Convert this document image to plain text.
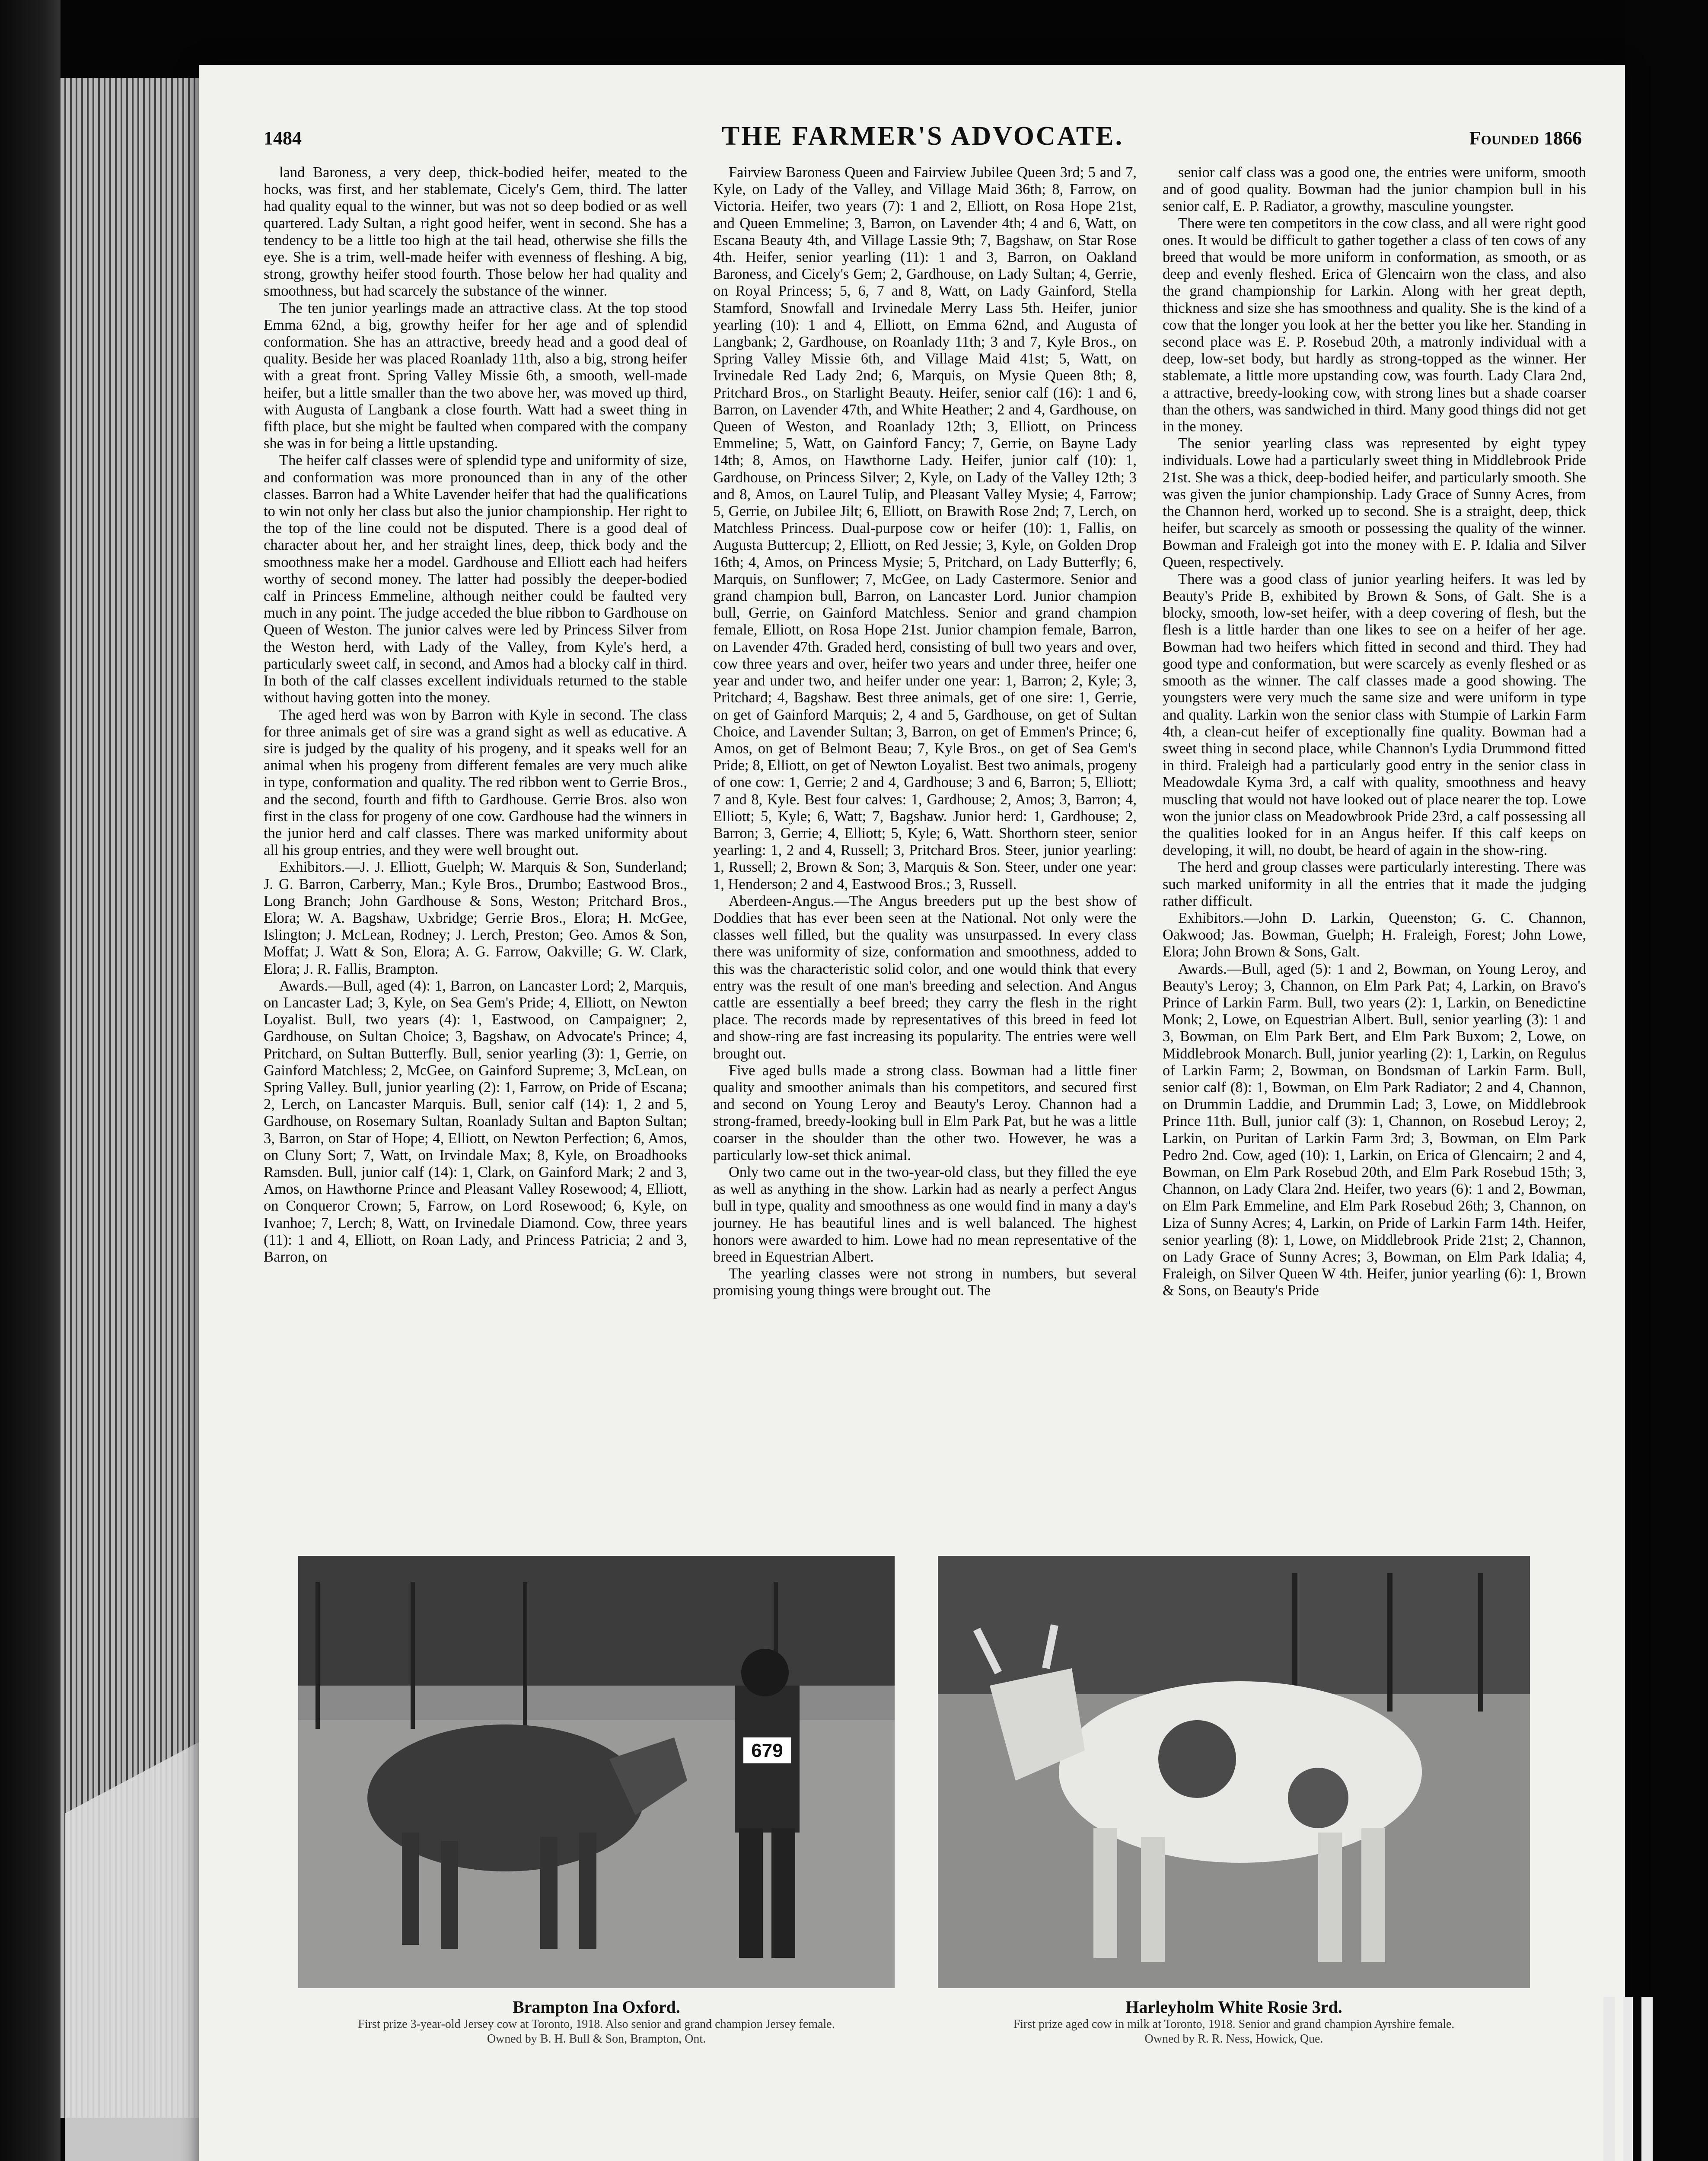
1484	THE FARMER'S ADVOCATE.	Founded 1866

land Baroness, a very deep, thick-bodied heifer, meated to the hocks, was first, and her stablemate, Cicely's Gem, third. The latter had quality equal to the winner, but was not so deep bodied or as well quartered. Lady Sultan, a right good heifer, went in second. She has a tendency to be a little too high at the tail head, otherwise she fills the eye. She is a trim, well-made heifer with evenness of fleshing. A big, strong, growthy heifer stood fourth. Those below her had quality and smoothness, but had scarcely the substance of the winner.

The ten junior yearlings made an attractive class. At the top stood Emma 62nd, a big, growthy heifer for her age and of splendid conformation. She has an attractive, breedy head and a good deal of quality. Beside her was placed Roanlady 11th, also a big, strong heifer with a great front. Spring Valley Missie 6th, a smooth, well-made heifer, but a little smaller than the two above her, was moved up third, with Augusta of Langbank a close fourth. Watt had a sweet thing in fifth place, but she might be faulted when compared with the company she was in for being a little upstanding.

The heifer calf classes were of splendid type and uniformity of size, and conformation was more pronounced than in any of the other classes. Barron had a White Lavender heifer that had the qualifications to win not only her class but also the junior championship. Her right to the top of the line could not be disputed. There is a good deal of character about her, and her straight lines, deep, thick body and the smoothness make her a model. Gardhouse and Elliott each had heifers worthy of second money. The latter had possibly the deeper-bodied calf in Princess Emmeline, although neither could be faulted very much in any point. The judge acceded the blue ribbon to Gardhouse on Queen of Weston. The junior calves were led by Princess Silver from the Weston herd, with Lady of the Valley, from Kyle's herd, a particularly sweet calf, in second, and Amos had a blocky calf in third. In both of the calf classes excellent individuals returned to the stable without having gotten into the money.

The aged herd was won by Barron with Kyle in second. The class for three animals get of sire was a grand sight as well as educative. A sire is judged by the quality of his progeny, and it speaks well for an animal when his progeny from different females are very much alike in type, conformation and quality. The red ribbon went to Gerrie Bros., and the second, fourth and fifth to Gardhouse. Gerrie Bros. also won first in the class for progeny of one cow. Gardhouse had the winners in the junior herd and calf classes. There was marked uniformity about all his group entries, and they were well brought out.

Exhibitors.—J. J. Elliott, Guelph; W. Marquis & Son, Sunderland; J. G. Barron, Carberry, Man.; Kyle Bros., Drumbo; Eastwood Bros., Long Branch; John Gardhouse & Sons, Weston; Pritchard Bros., Elora; W. A. Bagshaw, Uxbridge; Gerrie Bros., Elora; H. McGee, Islington; J. McLean, Rodney; J. Lerch, Preston; Geo. Amos & Son, Moffat; J. Watt & Son, Elora; A. G. Farrow, Oakville; G. W. Clark, Elora; J. R. Fallis, Brampton.

Awards.—Bull, aged (4): 1, Barron, on Lancaster Lord; 2, Marquis, on Lancaster Lad; 3, Kyle, on Sea Gem's Pride; 4, Elliott, on Newton Loyalist. Bull, two years (4): 1, Eastwood, on Campaigner; 2, Gardhouse, on Sultan Choice; 3, Bagshaw, on Advocate's Prince; 4, Pritchard, on Sultan Butterfly. Bull, senior yearling (3): 1, Gerrie, on Gainford Matchless; 2, McGee, on Gainford Supreme; 3, McLean, on Spring Valley. Bull, junior yearling (2): 1, Farrow, on Pride of Escana; 2, Lerch, on Lancaster Marquis. Bull, senior calf (14): 1, 2 and 5, Gardhouse, on Rosemary Sultan, Roanlady Sultan and Bapton Sultan; 3, Barron, on Star of Hope; 4, Elliott, on Newton Perfection; 6, Amos, on Cluny Sort; 7, Watt, on Irvindale Max; 8, Kyle, on Broadhooks Ramsden. Bull, junior calf (14): 1, Clark, on Gainford Mark; 2 and 3, Amos, on Hawthorne Prince and Pleasant Valley Rosewood; 4, Elliott, on Conqueror Crown; 5, Farrow, on Lord Rosewood; 6, Kyle, on Ivanhoe; 7, Lerch; 8, Watt, on Irvinedale Diamond. Cow, three years (11): 1 and 4, Elliott, on Roan Lady, and Princess Patricia; 2 and 3, Barron, on

Fairview Baroness Queen and Fairview Jubilee Queen 3rd; 5 and 7, Kyle, on Lady of the Valley, and Village Maid 36th; 8, Farrow, on Victoria. Heifer, two years (7): 1 and 2, Elliott, on Rosa Hope 21st, and Queen Emmeline; 3, Barron, on Lavender 4th; 4 and 6, Watt, on Escana Beauty 4th, and Village Lassie 9th; 7, Bagshaw, on Star Rose 4th. Heifer, senior yearling (11): 1 and 3, Barron, on Oakland Baroness, and Cicely's Gem; 2, Gardhouse, on Lady Sultan; 4, Gerrie, on Royal Princess; 5, 6, 7 and 8, Watt, on Lady Gainford, Stella Stamford, Snowfall and Irvinedale Merry Lass 5th. Heifer, junior yearling (10): 1 and 4, Elliott, on Emma 62nd, and Augusta of Langbank; 2, Gardhouse, on Roanlady 11th; 3 and 7, Kyle Bros., on Spring Valley Missie 6th, and Village Maid 41st; 5, Watt, on Irvinedale Red Lady 2nd; 6, Marquis, on Mysie Queen 8th; 8, Pritchard Bros., on Starlight Beauty. Heifer, senior calf (16): 1 and 6, Barron, on Lavender 47th, and White Heather; 2 and 4, Gardhouse, on Queen of Weston, and Roanlady 12th; 3, Elliott, on Princess Emmeline; 5, Watt, on Gainford Fancy; 7, Gerrie, on Bayne Lady 14th; 8, Amos, on Hawthorne Lady. Heifer, junior calf (10): 1, Gardhouse, on Princess Silver; 2, Kyle, on Lady of the Valley 12th; 3 and 8, Amos, on Laurel Tulip, and Pleasant Valley Mysie; 4, Farrow; 5, Gerrie, on Jubilee Jilt; 6, Elliott, on Brawith Rose 2nd; 7, Lerch, on Matchless Princess. Dual-purpose cow or heifer (10): 1, Fallis, on Augusta Buttercup; 2, Elliott, on Red Jessie; 3, Kyle, on Golden Drop 16th; 4, Amos, on Princess Mysie; 5, Pritchard, on Lady Butterfly; 6, Marquis, on Sunflower; 7, McGee, on Lady Castermore. Senior and grand champion bull, Barron, on Lancaster Lord. Junior champion bull, Gerrie, on Gainford Matchless. Senior and grand champion female, Elliott, on Rosa Hope 21st. Junior champion female, Barron, on Lavender 47th. Graded herd, consisting of bull two years and over, cow three years and over, heifer two years and under three, heifer one year and under two, and heifer under one year: 1, Barron; 2, Kyle; 3, Pritchard; 4, Bagshaw. Best three animals, get of one sire: 1, Gerrie, on get of Gainford Marquis; 2, 4 and 5, Gardhouse, on get of Sultan Choice, and Lavender Sultan; 3, Barron, on get of Emmen's Prince; 6, Amos, on get of Belmont Beau; 7, Kyle Bros., on get of Sea Gem's Pride; 8, Elliott, on get of Newton Loyalist. Best two animals, progeny of one cow: 1, Gerrie; 2 and 4, Gardhouse; 3 and 6, Barron; 5, Elliott; 7 and 8, Kyle. Best four calves: 1, Gardhouse; 2, Amos; 3, Barron; 4, Elliott; 5, Kyle; 6, Watt; 7, Bagshaw. Junior herd: 1, Gardhouse; 2, Barron; 3, Gerrie; 4, Elliott; 5, Kyle; 6, Watt. Shorthorn steer, senior yearling: 1, 2 and 4, Russell; 3, Pritchard Bros. Steer, junior yearling: 1, Russell; 2, Brown & Son; 3, Marquis & Son. Steer, under one year: 1, Henderson; 2 and 4, Eastwood Bros.; 3, Russell.

Aberdeen-Angus.—The Angus breeders put up the best show of Doddies that has ever been seen at the National. Not only were the classes well filled, but the quality was unsurpassed. In every class there was uniformity of size, conformation and smoothness, added to this was the characteristic solid color, and one would think that every entry was the result of one man's breeding and selection. And Angus cattle are essentially a beef breed; they carry the flesh in the right place. The records made by representatives of this breed in feed lot and show-ring are fast increasing its popularity. The entries were well brought out.

Five aged bulls made a strong class. Bowman had a little finer quality and smoother animals than his competitors, and secured first and second on Young Leroy and Beauty's Leroy. Channon had a strong-framed, breedy-looking bull in Elm Park Pat, but he was a little coarser in the shoulder than the other two. However, he was a particularly low-set thick animal.

Only two came out in the two-year-old class, but they filled the eye as well as anything in the show. Larkin had as nearly a perfect Angus bull in type, quality and smoothness as one would find in many a day's journey. He has beautiful lines and is well balanced. The highest honors were awarded to him. Lowe had no mean representative of the breed in Equestrian Albert.

The yearling classes were not strong in numbers, but several promising young things were brought out. The

senior calf class was a good one, the entries were uniform, smooth and of good quality. Bowman had the junior champion bull in his senior calf, E. P. Radiator, a growthy, masculine youngster.

There were ten competitors in the cow class, and all were right good ones. It would be difficult to gather together a class of ten cows of any breed that would be more uniform in conformation, as smooth, or as deep and evenly fleshed. Erica of Glencairn won the class, and also the grand championship for Larkin. Along with her great depth, thickness and size she has smoothness and quality. She is the kind of a cow that the longer you look at her the better you like her. Standing in second place was E. P. Rosebud 20th, a matronly individual with a deep, low-set body, but hardly as strong-topped as the winner. Her stablemate, a little more upstanding cow, was fourth. Lady Clara 2nd, a attractive, breedy-looking cow, with strong lines but a shade coarser than the others, was sandwiched in third. Many good things did not get in the money.

The senior yearling class was represented by eight typey individuals. Lowe had a particularly sweet thing in Middlebrook Pride 21st. She was a thick, deep-bodied heifer, and particularly smooth. She was given the junior championship. Lady Grace of Sunny Acres, from the Channon herd, worked up to second. She is a straight, deep, thick heifer, but scarcely as smooth or possessing the quality of the winner. Bowman and Fraleigh got into the money with E. P. Idalia and Silver Queen, respectively.

There was a good class of junior yearling heifers. It was led by Beauty's Pride B, exhibited by Brown & Sons, of Galt. She is a blocky, smooth, low-set heifer, with a deep covering of flesh, but the flesh is a little harder than one likes to see on a heifer of her age. Bowman had two heifers which fitted in second and third. They had good type and conformation, but were scarcely as evenly fleshed or as smooth as the winner. The calf classes made a good showing. The youngsters were very much the same size and were uniform in type and quality. Larkin won the senior class with Stumpie of Larkin Farm 4th, a clean-cut heifer of exceptionally fine quality. Bowman had a sweet thing in second place, while Channon's Lydia Drummond fitted in third. Fraleigh had a particularly good entry in the senior class in Meadowdale Kyma 3rd, a calf with quality, smoothness and heavy muscling that would not have looked out of place nearer the top. Lowe won the junior class on Meadowbrook Pride 23rd, a calf possessing all the qualities looked for in an Angus heifer. If this calf keeps on developing, it will, no doubt, be heard of again in the show-ring.

The herd and group classes were particularly interesting. There was such marked uniformity in all the entries that it made the judging rather difficult.

Exhibitors.—John D. Larkin, Queenston; G. C. Channon, Oakwood; Jas. Bowman, Guelph; H. Fraleigh, Forest; John Lowe, Elora; John Brown & Sons, Galt.

Awards.—Bull, aged (5): 1 and 2, Bowman, on Young Leroy, and Beauty's Leroy; 3, Channon, on Elm Park Pat; 4, Larkin, on Bravo's Prince of Larkin Farm. Bull, two years (2): 1, Larkin, on Benedictine Monk; 2, Lowe, on Equestrian Albert. Bull, senior yearling (3): 1 and 3, Bowman, on Elm Park Bert, and Elm Park Buxom; 2, Lowe, on Middlebrook Monarch. Bull, junior yearling (2): 1, Larkin, on Regulus of Larkin Farm; 2, Bowman, on Bondsman of Larkin Farm. Bull, senior calf (8): 1, Bowman, on Elm Park Radiator; 2 and 4, Channon, on Drummin Laddie, and Drummin Lad; 3, Lowe, on Middlebrook Prince 11th. Bull, junior calf (3): 1, Channon, on Rosebud Leroy; 2, Larkin, on Puritan of Larkin Farm 3rd; 3, Bowman, on Elm Park Pedro 2nd. Cow, aged (10): 1, Larkin, on Erica of Glencairn; 2 and 4, Bowman, on Elm Park Rosebud 20th, and Elm Park Rosebud 15th; 3, Channon, on Lady Clara 2nd. Heifer, two years (6): 1 and 2, Bowman, on Elm Park Emmeline, and Elm Park Rosebud 26th; 3, Channon, on Liza of Sunny Acres; 4, Larkin, on Pride of Larkin Farm 14th. Heifer, senior yearling (8): 1, Lowe, on Middlebrook Pride 21st; 2, Channon, on Lady Grace of Sunny Acres; 3, Bowman, on Elm Park Idalia; 4, Fraleigh, on Silver Queen W 4th. Heifer, junior yearling (6): 1, Brown & Sons, on Beauty's Pride

679
Brampton Ina Oxford.
First prize 3-year-old Jersey cow at Toronto, 1918. Also senior and grand champion Jersey female.
Owned by B. H. Bull & Son, Brampton, Ont.
Harleyholm White Rosie 3rd.
First prize aged cow in milk at Toronto, 1918. Senior and grand champion Ayrshire female.
Owned by R. R. Ness, Howick, Que.
